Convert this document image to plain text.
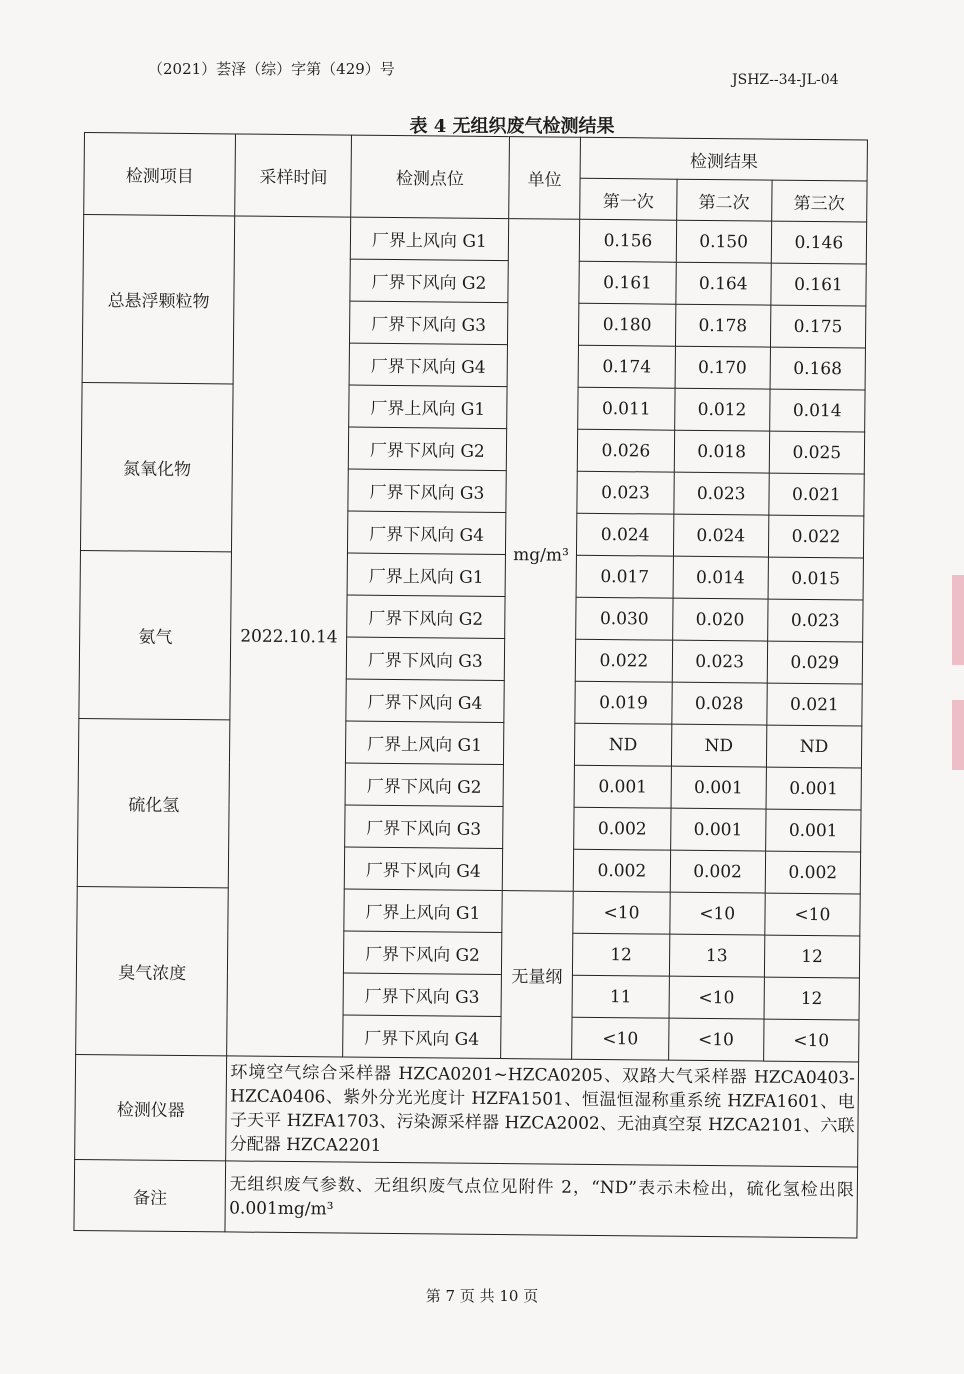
（2021）荟泽（综）字第（429）号
JSHZ--34-JL-04
表 4 无组织废气检测结果
检测项目	采样时间	检测点位	单位	检测结果		
				第一次	第二次	第三次
总悬浮颗粒物	2022.10.14	厂界上风向 G1	mg/m³	0.156	0.150	0.146
		厂界下风向 G2		0.161	0.164	0.161
		厂界下风向 G3		0.180	0.178	0.175
		厂界下风向 G4		0.174	0.170	0.168
氮氧化物		厂界上风向 G1		0.011	0.012	0.014
		厂界下风向 G2		0.026	0.018	0.025
		厂界下风向 G3		0.023	0.023	0.021
		厂界下风向 G4		0.024	0.024	0.022
氨气		厂界上风向 G1		0.017	0.014	0.015
		厂界下风向 G2		0.030	0.020	0.023
		厂界下风向 G3		0.022	0.023	0.029
		厂界下风向 G4		0.019	0.028	0.021
硫化氢		厂界上风向 G1		ND	ND	ND
		厂界下风向 G2		0.001	0.001	0.001
		厂界下风向 G3		0.002	0.001	0.001
		厂界下风向 G4		0.002	0.002	0.002
臭气浓度		厂界上风向 G1	无量纲	<10	<10	<10
		厂界下风向 G2		12	13	12
		厂界下风向 G3		11	<10	12
		厂界下风向 G4		<10	<10	<10
检测仪器	环境空气综合采样器 HZCA0201~HZCA0205、双路大气采样器 HZCA0403-HZCA0406、紫外分光光度计 HZFA1501、恒温恒湿称重系统 HZFA1601、电子天平 HZFA1703、污染源采样器 HZCA2002、无油真空泵 HZCA2101、六联分配器 HZCA2201					
备注	无组织废气参数、无组织废气点位见附件 2，“ND”表示未检出，硫化氢检出限 0.001mg/m³					
第 7 页 共 10 页
